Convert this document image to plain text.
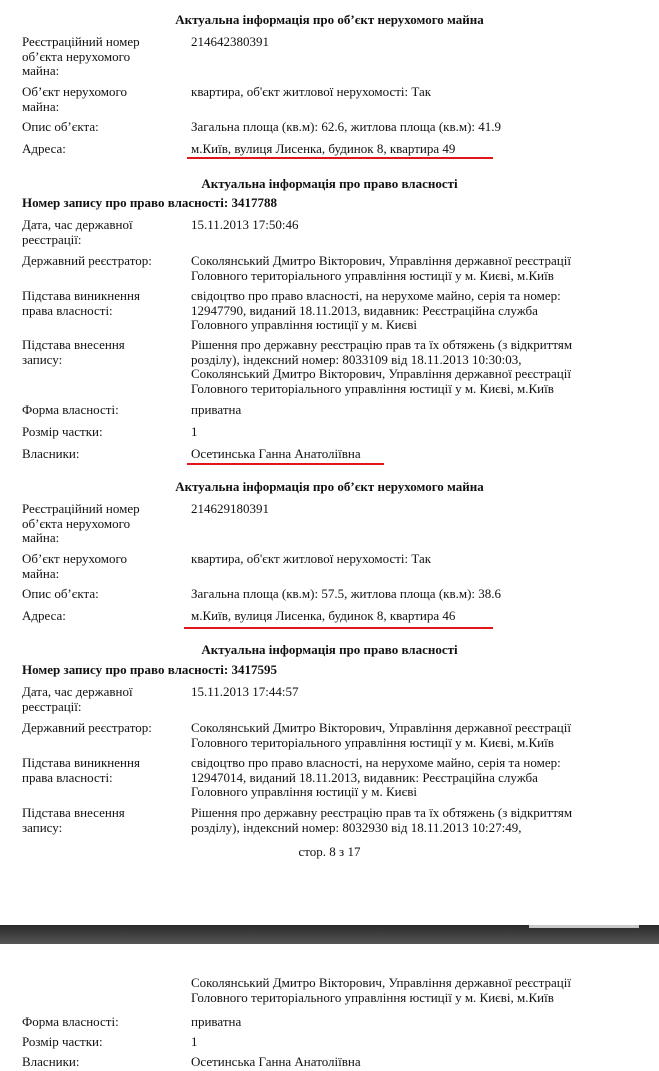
Актуальна інформація про об’єкт нерухомого майна
Реєстраційний номер
об’єкта нерухомого
майна:
214642380391
Об’єкт нерухомого
майна:
квартира, об'єкт житлової нерухомості: Так
Опис об’єкта:	Загальна площа (кв.м): 62.6, житлова площа (кв.м): 41.9
Адреса:	м.Київ, вулиця Лисенка, будинок 8, квартира 49
Актуальна інформація про право власності
Номер запису про право власності: 3417788
Дата, час державної
реєстрації:
15.11.2013 17:50:46
Державний реєстратор:	Соколянський Дмитро Вікторович, Управління державної реєстрації
Головного територіального управління юстиції у м. Києві, м.Київ
Підстава виникнення
права власності:
свідоцтво про право власності, на нерухоме майно, серія та номер:
12947790, виданий 18.11.2013, видавник: Реєстраційна служба
Головного управління юстиції у м. Києві
Підстава внесення
запису:
Рішення про державну реєстрацію прав та їх обтяжень (з відкриттям
розділу), індексний номер: 8033109 від 18.11.2013 10:30:03,
Соколянський Дмитро Вікторович, Управління державної реєстрації
Головного територіального управління юстиції у м. Києві, м.Київ
Форма власності:	приватна
Розмір частки:	1
Власники:	Осетинська Ганна Анатоліївна
Актуальна інформація про об’єкт нерухомого майна
Реєстраційний номер
об’єкта нерухомого
майна:
214629180391
Об’єкт нерухомого
майна:
квартира, об'єкт житлової нерухомості: Так
Опис об’єкта:	Загальна площа (кв.м): 57.5, житлова площа (кв.м): 38.6
Адреса:	м.Київ, вулиця Лисенка, будинок 8, квартира 46
Актуальна інформація про право власності
Номер запису про право власності: 3417595
Дата, час державної
реєстрації:
15.11.2013 17:44:57
Державний реєстратор:	Соколянський Дмитро Вікторович, Управління державної реєстрації
Головного територіального управління юстиції у м. Києві, м.Київ
Підстава виникнення
права власності:
свідоцтво про право власності, на нерухоме майно, серія та номер:
12947014, виданий 18.11.2013, видавник: Реєстраційна служба
Головного управління юстиції у м. Києві
Підстава внесення
запису:
Рішення про державну реєстрацію прав та їх обтяжень (з відкриттям
розділу), індексний номер: 8032930 від 18.11.2013 10:27:49,
стор. 8 з 17
Соколянський Дмитро Вікторович, Управління державної реєстрації
Головного територіального управління юстиції у м. Києві, м.Київ
Форма власності:	приватна
Розмір частки:	1
Власники:	Осетинська Ганна Анатоліївна
